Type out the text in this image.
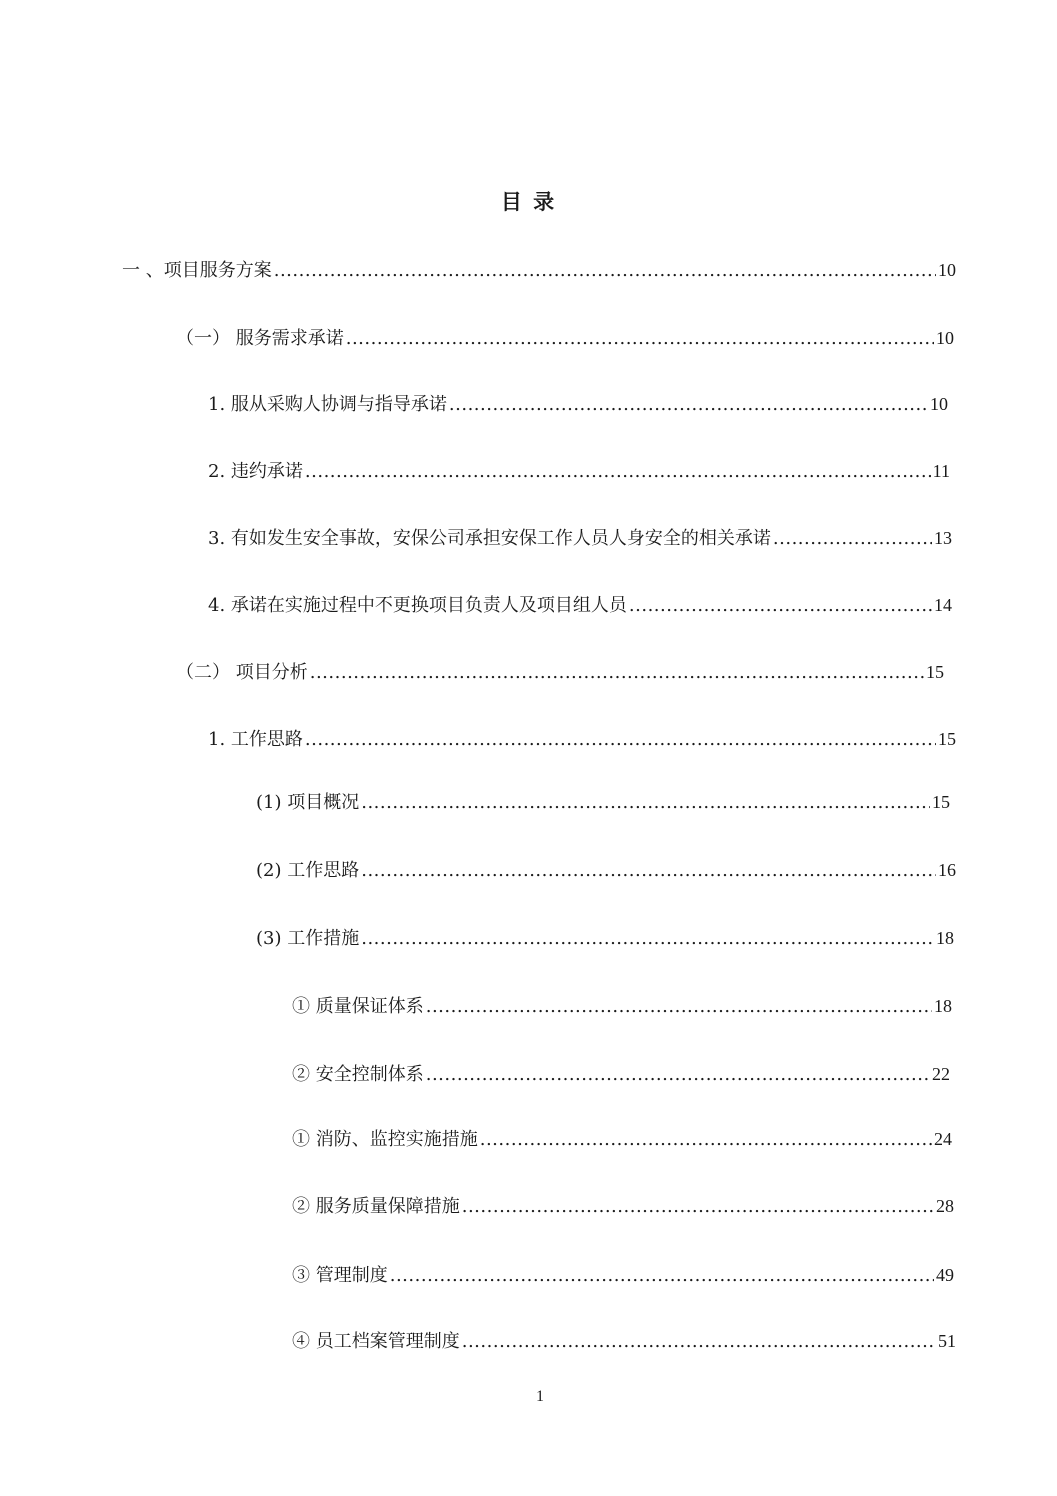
目 录
一 、项目服务方案 .....	10
（一） 服务需求承诺 .....	10
1. 服从采购人协调与指导承诺 .....	10
2. 违约承诺 .....	11
3. 有如发生安全事故，安保公司承担安保工作人员人身安全的相关承诺 .....	13
4. 承诺在实施过程中不更换项目负责人及项目组人员 .....	14
（二） 项目分析 .....	15
1. 工作思路 .....	15
(1) 项目概况 .....	15
(2) 工作思路 .....	16
(3) 工作措施 .....	18
① 质量保证体系 .....	18
② 安全控制体系 .....	22
① 消防、监控实施措施 .....	24
② 服务质量保障措施 .....	28
③ 管理制度 .....	49
④ 员工档案管理制度 .....	51
1
